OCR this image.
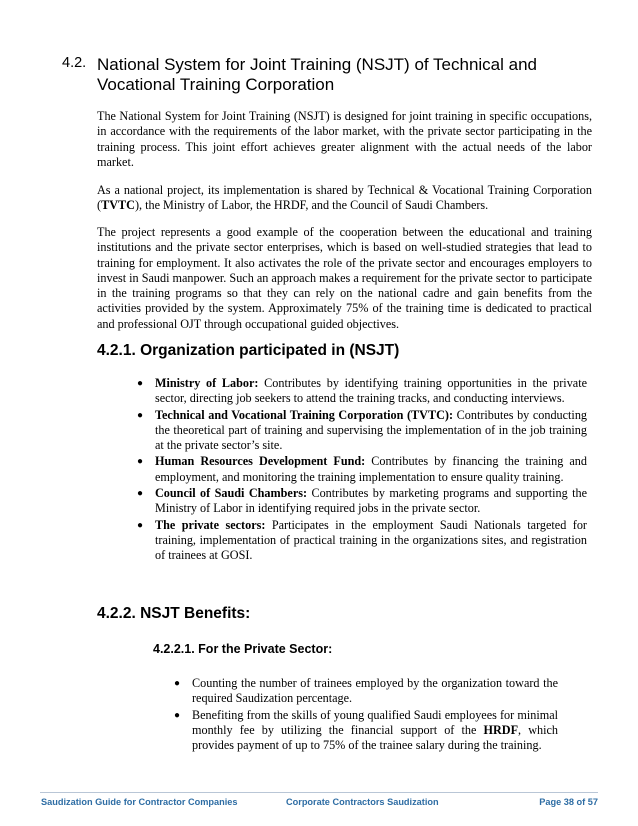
4.2. National System for Joint Training (NSJT) of Technical and Vocational Training Corporation

The National System for Joint Training (NSJT) is designed for joint training in specific occupations, in accordance with the requirements of the labor market, with the private sector participating in the training process. This joint effort achieves greater alignment with the actual needs of the labor market.

As a national project, its implementation is shared by Technical & Vocational Training Corporation (TVTC), the Ministry of Labor, the HRDF, and the Council of Saudi Chambers.

The project represents a good example of the cooperation between the educational and training institutions and the private sector enterprises, which is based on well-studied strategies that lead to training for employment. It also activates the role of the private sector and encourages employers to invest in Saudi manpower. Such an approach makes a requirement for the private sector to participate in the training programs so that they can rely on the national cadre and gain benefits from the activities provided by the system. Approximately 75% of the training time is dedicated to practical and professional OJT through occupational guided objectives.

4.2.1. Organization participated in (NSJT)
● Ministry of Labor: Contributes by identifying training opportunities in the private sector, directing job seekers to attend the training tracks, and conducting interviews.
● Technical and Vocational Training Corporation (TVTC): Contributes by conducting the theoretical part of training and supervising the implementation of in the job training at the private sector’s site.
● Human Resources Development Fund: Contributes by financing the training and employment, and monitoring the training implementation to ensure quality training.
● Council of Saudi Chambers: Contributes by marketing programs and supporting the Ministry of Labor in identifying required jobs in the private sector.
● The private sectors: Participates in the employment Saudi Nationals targeted for training, implementation of practical training in the organizations sites, and registration of trainees at GOSI.
4.2.2. NSJT Benefits:
4.2.2.1. For the Private Sector:
● Counting the number of trainees employed by the organization toward the required Saudization percentage.
● Benefiting from the skills of young qualified Saudi employees for minimal monthly fee by utilizing the financial support of the HRDF, which provides payment of up to 75% of the trainee salary during the training.
Saudization Guide for Contractor Companies	Corporate Contractors Saudization	Page 38 of 57
